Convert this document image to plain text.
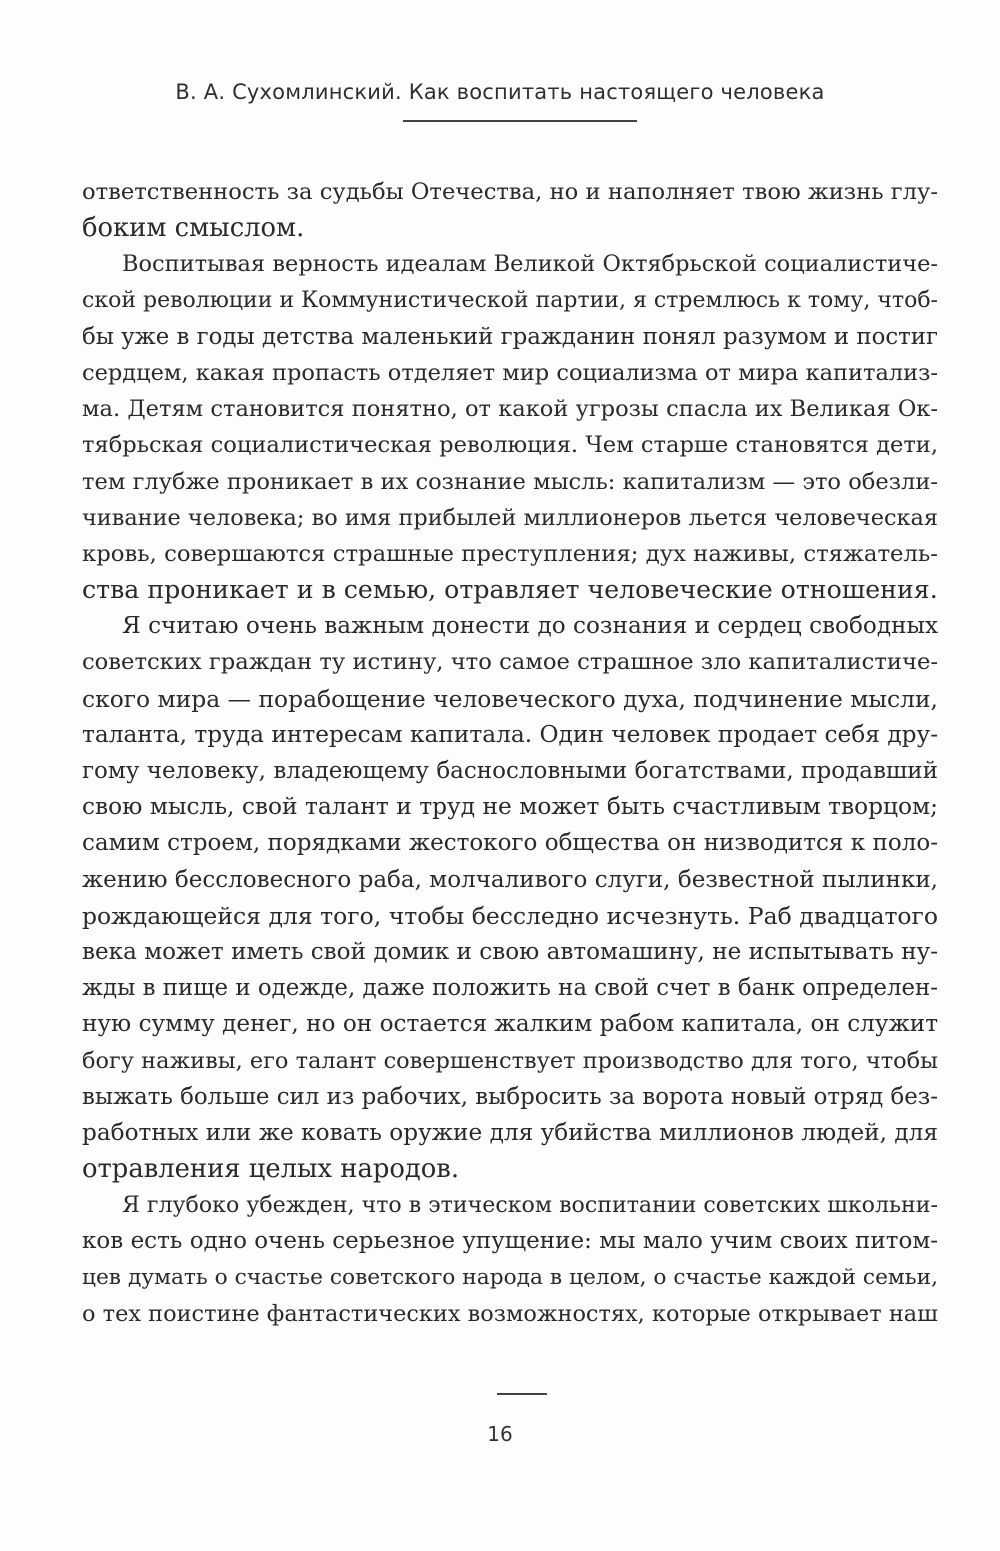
В. А. Сухомлинский. Как воспитать настоящего человека

ответственность за судьбы Отечества, но и наполняет твою жизнь глу-
боким смыслом.

Воспитывая верность идеалам Великой Октябрьской социалистиче-
ской революции и Коммунистической партии, я стремлюсь к тому, чтоб-
бы уже в годы детства маленький гражданин понял разумом и постиг
сердцем, какая пропасть отделяет мир социализма от мира капитализ-
ма. Детям становится понятно, от какой угрозы спасла их Великая Ок-
тябрьская социалистическая революция. Чем старше становятся дети,
тем глубже проникает в их сознание мысль: капитализм — это обезли-
чивание человека; во имя прибылей миллионеров льется человеческая
кровь, совершаются страшные преступления; дух наживы, стяжатель-
ства проникает и в семью, отравляет человеческие отношения.

Я считаю очень важным донести до сознания и сердец свободных
советских граждан ту истину, что самое страшное зло капиталистиче-
ского мира — порабощение человеческого духа, подчинение мысли,
таланта, труда интересам капитала. Один человек продает себя дру-
гому человеку, владеющему баснословными богатствами, продавший
свою мысль, свой талант и труд не может быть счастливым творцом;
самим строем, порядками жестокого общества он низводится к поло-
жению бессловесного раба, молчаливого слуги, безвестной пылинки,
рождающейся для того, чтобы бесследно исчезнуть. Раб двадцатого
века может иметь свой домик и свою автомашину, не испытывать ну-
жды в пище и одежде, даже положить на свой счет в банк определен-
ную сумму денег, но он остается жалким рабом капитала, он служит
богу наживы, его талант совершенствует производство для того, чтобы
выжать больше сил из рабочих, выбросить за ворота новый отряд без-
работных или же ковать оружие для убийства миллионов людей, для
отравления целых народов.

Я глубоко убежден, что в этическом воспитании советских школьни-
ков есть одно очень серьезное упущение: мы мало учим своих питом-
цев думать о счастье советского народа в целом, о счастье каждой семьи,
о тех поистине фантастических возможностях, которые открывает наш

16
